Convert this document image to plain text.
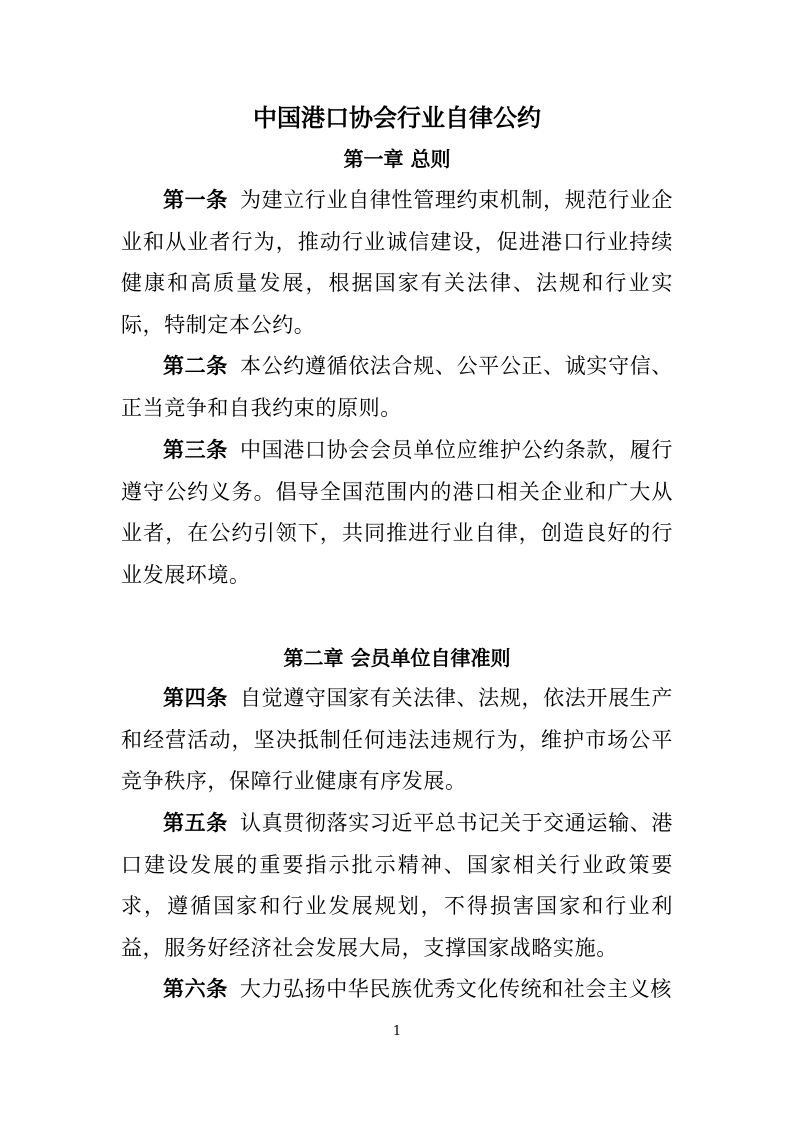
中国港口协会行业自律公约
第一章 总则

第一条 为建立行业自律性管理约束机制，规范行业企业和从业者行为，推动行业诚信建设，促进港口行业持续健康和高质量发展，根据国家有关法律、法规和行业实际，特制定本公约。

第二条 本公约遵循依法合规、公平公正、诚实守信、正当竞争和自我约束的原则。

第三条 中国港口协会会员单位应维护公约条款，履行遵守公约义务。倡导全国范围内的港口相关企业和广大从业者，在公约引领下，共同推进行业自律，创造良好的行业发展环境。

第二章 会员单位自律准则

第四条 自觉遵守国家有关法律、法规，依法开展生产和经营活动，坚决抵制任何违法违规行为，维护市场公平竞争秩序，保障行业健康有序发展。

第五条 认真贯彻落实习近平总书记关于交通运输、港口建设发展的重要指示批示精神、国家相关行业政策要求，遵循国家和行业发展规划，不得损害国家和行业利益，服务好经济社会发展大局，支撑国家战略实施。

第六条 大力弘扬中华民族优秀文化传统和社会主义核

1
